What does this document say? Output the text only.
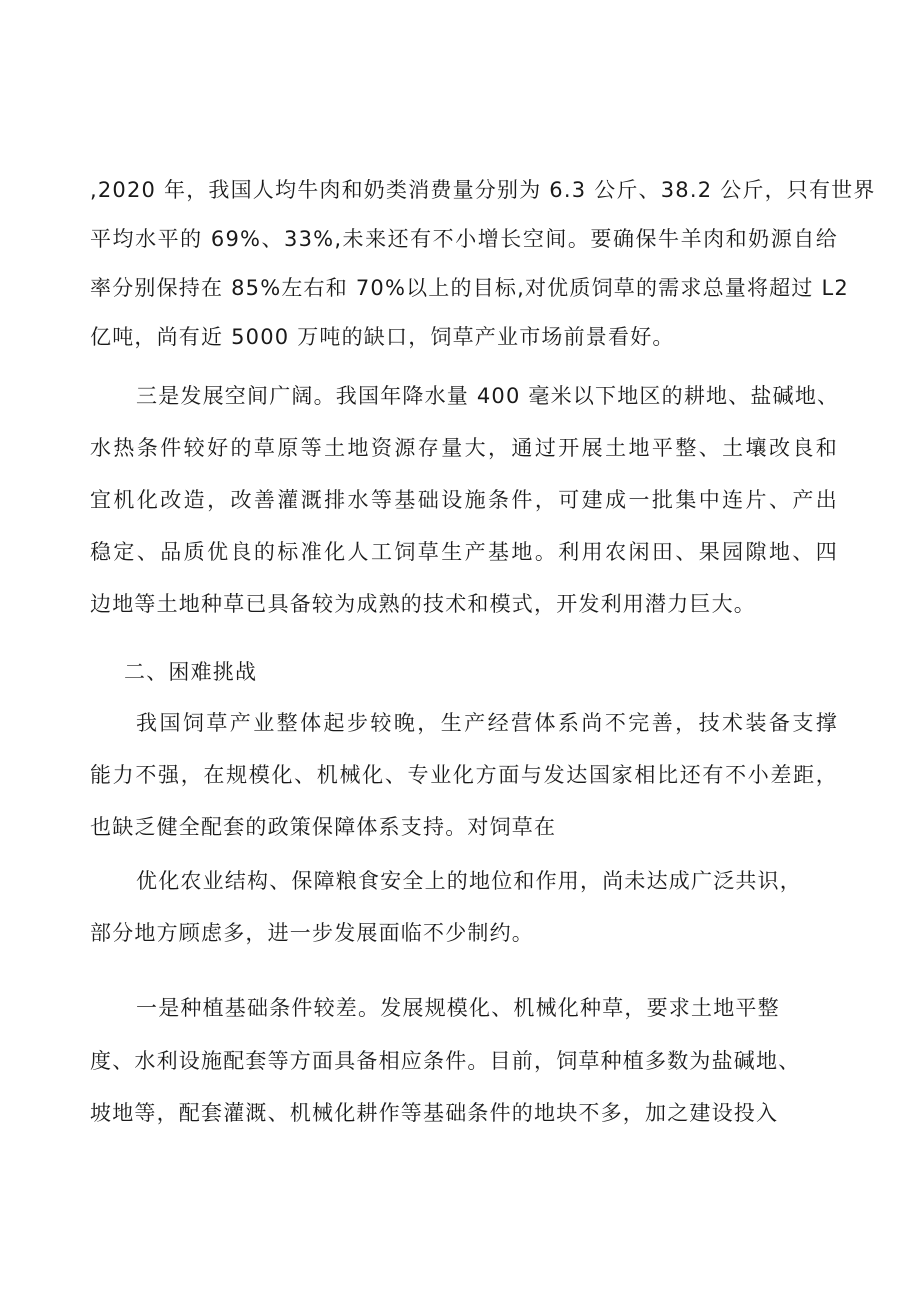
,2020 年，我国人均牛肉和奶类消费量分别为 6.3 公斤、38.2 公斤，只有世界
平均水平的 69%、33%,未来还有不小增长空间。要确保牛羊肉和奶源自给
率分别保持在 85%左右和 70%以上的目标,对优质饲草的需求总量将超过 L2
亿吨，尚有近 5000 万吨的缺口，饲草产业市场前景看好。
三是发展空间广阔。我国年降水量 400 毫米以下地区的耕地、盐碱地、
水热条件较好的草原等土地资源存量大，通过开展土地平整、土壤改良和
宜机化改造，改善灌溉排水等基础设施条件，可建成一批集中连片、产出
稳定、品质优良的标准化人工饲草生产基地。利用农闲田、果园隙地、四
边地等土地种草已具备较为成熟的技术和模式，开发利用潜力巨大。
二、困难挑战
我国饲草产业整体起步较晚，生产经营体系尚不完善，技术装备支撑
能力不强，在规模化、机械化、专业化方面与发达国家相比还有不小差距，
也缺乏健全配套的政策保障体系支持。对饲草在
优化农业结构、保障粮食安全上的地位和作用，尚未达成广泛共识，
部分地方顾虑多，进一步发展面临不少制约。
一是种植基础条件较差。发展规模化、机械化种草，要求土地平整
度、水利设施配套等方面具备相应条件。目前，饲草种植多数为盐碱地、
坡地等，配套灌溉、机械化耕作等基础条件的地块不多，加之建设投入
